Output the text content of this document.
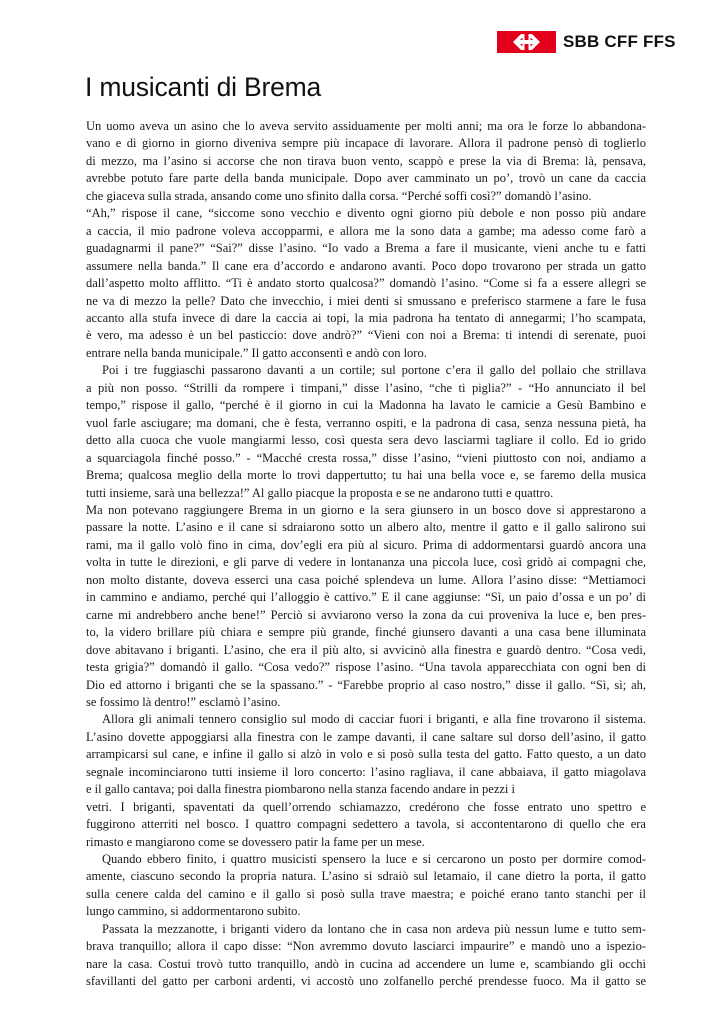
SBB CFF FFS
I musicanti di Brema
Un uomo aveva un asino che lo aveva servito assiduamente per molti anni; ma ora le forze lo abbandona-
vano e di giorno in giorno diveniva sempre più incapace di lavorare. Allora il padrone pensò di toglierlo
di mezzo, ma l’asino si accorse che non tirava buon vento, scappò e prese la via di Brema: là, pensava,
avrebbe potuto fare parte della banda municipale. Dopo aver camminato un po’, trovò un cane da caccia
che giaceva sulla strada, ansando come uno sfinito dalla corsa. “Perché soffi così?” domandò l’asino.
“Ah,” rispose il cane, “siccome sono vecchio e divento ogni giorno più debole e non posso più andare
a caccia, il mio padrone voleva accopparmi, e allora me la sono data a gambe; ma adesso come farò a
guadagnarmi il pane?” “Sai?” disse l’asino. “Io vado a Brema a fare il musicante, vieni anche tu e fatti
assumere nella banda.” Il cane era d’accordo e andarono avanti. Poco dopo trovarono per strada un gatto
dall’aspetto molto afflitto. “Ti è andato storto qualcosa?” domandò l’asino. “Come si fa a essere allegri se
ne va di mezzo la pelle? Dato che invecchio, i miei denti si smussano e preferisco starmene a fare le fusa
accanto alla stufa invece di dare la caccia ai topi, la mia padrona ha tentato di annegarmi; l’ho scampata,
è vero, ma adesso è un bel pasticcio: dove andrò?” “Vieni con noi a Brema: ti intendi di serenate, puoi
entrare nella banda municipale.” Il gatto acconsentì e andò con loro.
Poi i tre fuggiaschi passarono davanti a un cortile; sul portone c’era il gallo del pollaio che strillava
a più non posso. “Strilli da rompere i timpani,” disse l’asino, “che ti piglia?” - “Ho annunciato il bel
tempo,” rispose il gallo, “perché è il giorno in cui la Madonna ha lavato le camicie a Gesù Bambino e
vuol farle asciugare; ma domani, che è festa, verranno ospiti, e la padrona di casa, senza nessuna pietà, ha
detto alla cuoca che vuole mangiarmi lesso, così questa sera devo lasciarmi tagliare il collo. Ed io grido
a squarciagola finché posso.” - “Macché cresta rossa,” disse l’asino, “vieni piuttosto con noi, andiamo a
Brema; qualcosa meglio della morte lo trovi dappertutto; tu hai una bella voce e, se faremo della musica
tutti insieme, sarà una bellezza!” Al gallo piacque la proposta e se ne andarono tutti e quattro.
Ma non potevano raggiungere Brema in un giorno e la sera giunsero in un bosco dove si apprestarono a
passare la notte. L’asino e il cane si sdraiarono sotto un albero alto, mentre il gatto e il gallo salirono sui
rami, ma il gallo volò fino in cima, dov’egli era più al sicuro. Prima di addormentarsi guardò ancora una
volta in tutte le direzioni, e gli parve di vedere in lontananza una piccola luce, così gridò ai compagni che,
non molto distante, doveva esserci una casa poiché splendeva un lume. Allora l’asino disse: “Mettiamoci
in cammino e andiamo, perché qui l’alloggio è cattivo.” E il cane aggiunse: “Sì, un paio d’ossa e un po’ di
carne mi andrebbero anche bene!” Perciò si avviarono verso la zona da cui proveniva la luce e, ben pres-
to, la videro brillare più chiara e sempre più grande, finché giunsero davanti a una casa bene illuminata
dove abitavano i briganti. L’asino, che era il più alto, si avvicinò alla finestra e guardò dentro. “Cosa vedi,
testa grigia?” domandò il gallo. “Cosa vedo?” rispose l’asino. “Una tavola apparecchiata con ogni ben di
Dio ed attorno i briganti che se la spassano.” - “Farebbe proprio al caso nostro,” disse il gallo. “Sì, sì; ah,
se fossimo là dentro!” esclamò l’asino.
Allora gli animali tennero consiglio sul modo di cacciar fuori i briganti, e alla fine trovarono il sistema.
L’asino dovette appoggiarsi alla finestra con le zampe davanti, il cane saltare sul dorso dell’asino, il gatto
arrampicarsi sul cane, e infine il gallo si alzò in volo e si posò sulla testa del gatto. Fatto questo, a un dato
segnale incominciarono tutti insieme il loro concerto: l’asino ragliava, il cane abbaiava, il gatto miagolava
e il gallo cantava; poi dalla finestra piombarono nella stanza facendo andare in pezzi i
vetri. I briganti, spaventati da quell’orrendo schiamazzo, credérono che fosse entrato uno spettro e
fuggirono atterriti nel bosco. I quattro compagni sedettero a tavola, si accontentarono di quello che era
rimasto e mangiarono come se dovessero patir la fame per un mese.
Quando ebbero finito, i quattro musicisti spensero la luce e si cercarono un posto per dormire comod-
amente, ciascuno secondo la propria natura. L’asino si sdraiò sul letamaio, il cane dietro la porta, il gatto
sulla cenere calda del camino e il gallo si posò sulla trave maestra; e poiché erano tanto stanchi per il
lungo cammino, si addormentarono subito.
Passata la mezzanotte, i briganti videro da lontano che in casa non ardeva più nessun lume e tutto sem-
brava tranquillo; allora il capo disse: “Non avremmo dovuto lasciarci impaurire” e mandò uno a ispezio-
nare la casa. Costui trovò tutto tranquillo, andò in cucina ad accendere un lume e, scambiando gli occhi
sfavillanti del gatto per carboni ardenti, vi accostò uno zolfanello perché prendesse fuoco. Ma il gatto se
